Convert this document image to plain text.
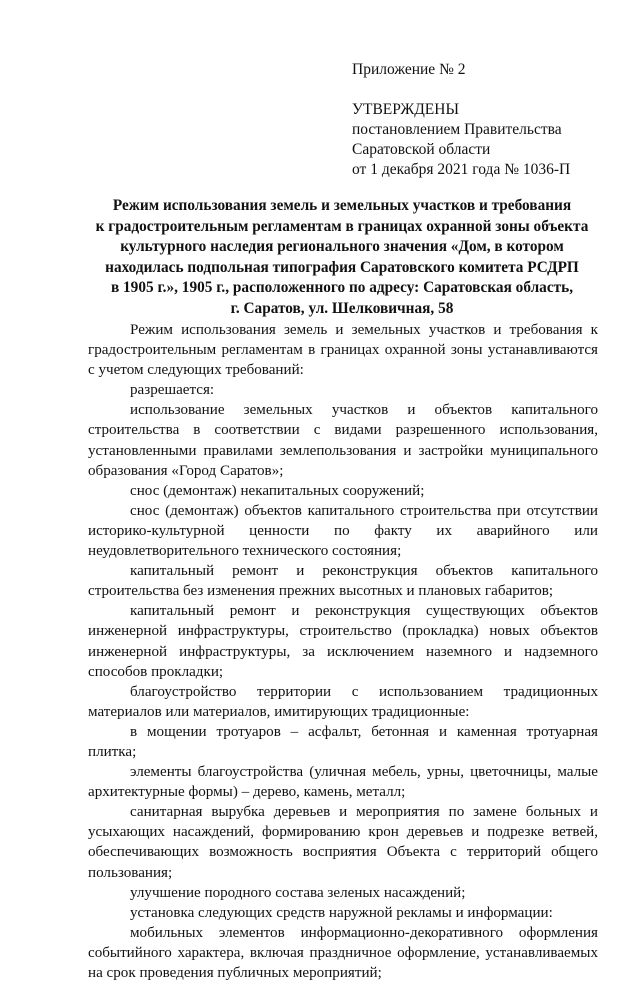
Приложение № 2
УТВЕРЖДЕНЫ
постановлением Правительства
Саратовской области
от 1 декабря 2021 года № 1036-П
Режим использования земель и земельных участков и требования
к градостроительным регламентам в границах охранной зоны объекта
культурного наследия регионального значения «Дом, в котором
находилась подпольная типография Саратовского комитета РСДРП
в 1905 г.», 1905 г., расположенного по адресу: Саратовская область,
г. Саратов, ул. Шелковичная, 58

Режим использования земель и земельных участков и требования к градостроительным регламентам в границах охранной зоны устанавливаются с учетом следующих требований:

разрешается:

использование земельных участков и объектов капитального строительства в соответствии с видами разрешенного использования, установленными правилами землепользования и застройки муниципального образования «Город Саратов»;

снос (демонтаж) некапитальных сооружений;

снос (демонтаж) объектов капитального строительства при отсутствии историко-культурной ценности по факту их аварийного или неудовлетворительного технического состояния;

капитальный ремонт и реконструкция объектов капитального строительства без изменения прежних высотных и плановых габаритов;

капитальный ремонт и реконструкция существующих объектов инженерной инфраструктуры, строительство (прокладка) новых объектов инженерной инфраструктуры, за исключением наземного и надземного способов прокладки;

благоустройство территории с использованием традиционных материалов или материалов, имитирующих традиционные:

в мощении тротуаров – асфальт, бетонная и каменная тротуарная плитка;

элементы благоустройства (уличная мебель, урны, цветочницы, малые архитектурные формы) – дерево, камень, металл;

санитарная вырубка деревьев и мероприятия по замене больных и усыхающих насаждений, формированию крон деревьев и подрезке ветвей, обеспечивающих возможность восприятия Объекта с территорий общего пользования;

улучшение породного состава зеленых насаждений;

установка следующих средств наружной рекламы и информации:

мобильных элементов информационно-декоративного оформления событийного характера, включая праздничное оформление, устанавливаемых на срок проведения публичных мероприятий;
